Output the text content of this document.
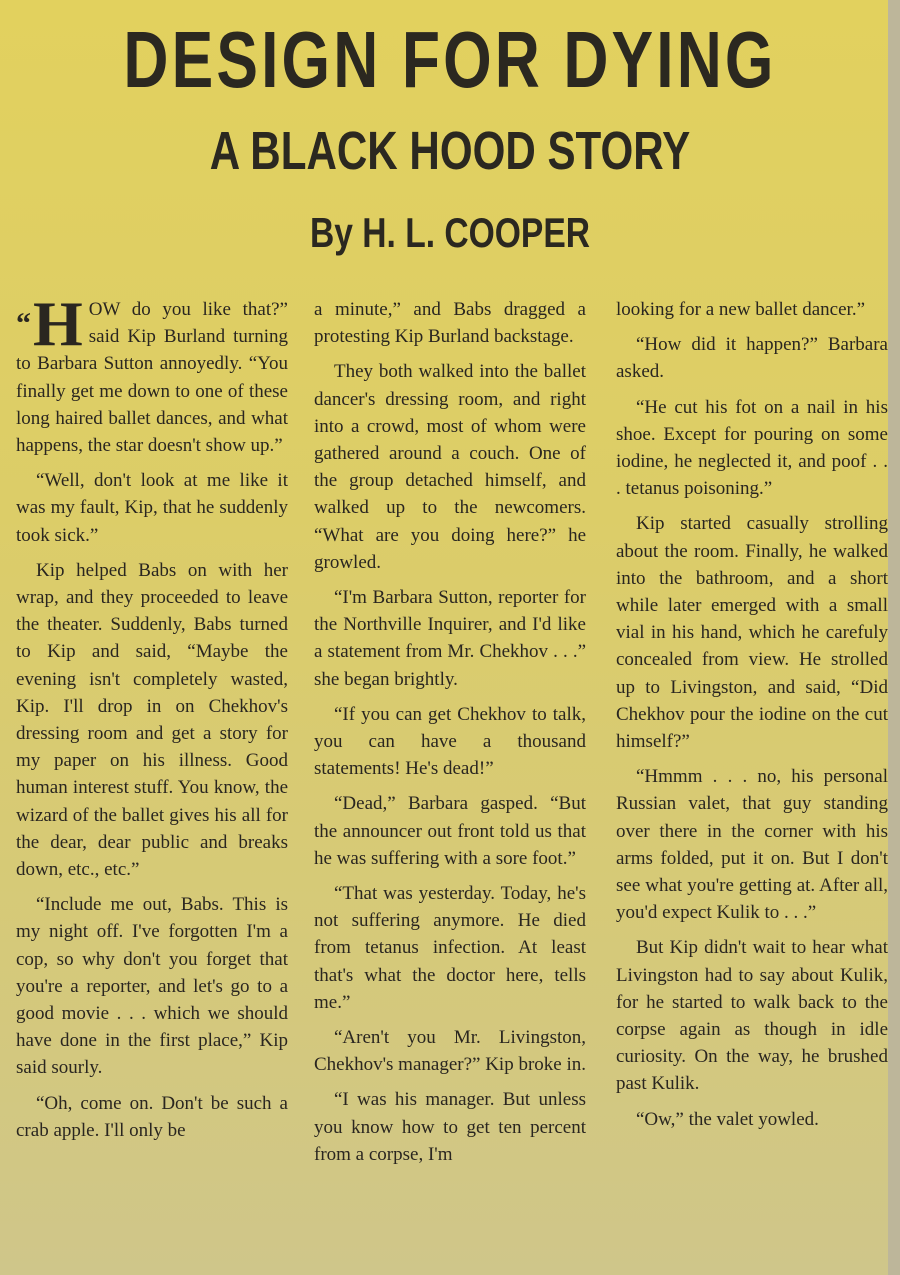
DESIGN FOR DYING
A BLACK HOOD STORY
By H. L. COOPER

“H OW do you like that?” said Kip Burland turning to Barbara Sutton annoyedly. “You finally get me down to one of these long haired ballet dances, and what happens, the star doesn't show up.”

“Well, don't look at me like it was my fault, Kip, that he suddenly took sick.”

Kip helped Babs on with her wrap, and they proceeded to leave the theater. Suddenly, Babs turned to Kip and said, “Maybe the evening isn't completely wasted, Kip. I'll drop in on Chekhov's dressing room and get a story for my paper on his illness. Good human interest stuff. You know, the wizard of the ballet gives his all for the dear, dear public and breaks down, etc., etc.”

“Include me out, Babs. This is my night off. I've forgotten I'm a cop, so why don't you forget that you're a reporter, and let's go to a good movie . . . which we should have done in the first place,” Kip said sourly.

“Oh, come on. Don't be such a crab apple. I'll only be

a minute,” and Babs dragged a protesting Kip Burland backstage.

They both walked into the ballet dancer's dressing room, and right into a crowd, most of whom were gathered around a couch. One of the group detached himself, and walked up to the newcomers. “What are you doing here?” he growled.

“I'm Barbara Sutton, reporter for the Northville Inquirer, and I'd like a statement from Mr. Chekhov . . .” she began brightly.

“If you can get Chekhov to talk, you can have a thousand statements! He's dead!”

“Dead,” Barbara gasped. “But the announcer out front told us that he was suffering with a sore foot.”

“That was yesterday. Today, he's not suffering anymore. He died from tetanus infection. At least that's what the doctor here, tells me.”

“Aren't you Mr. Livingston, Chekhov's manager?” Kip broke in.

“I was his manager. But unless you know how to get ten percent from a corpse, I'm

looking for a new ballet dancer.”

“How did it happen?” Barbara asked.

“He cut his fot on a nail in his shoe. Except for pouring on some iodine, he neglected it, and poof . . . tetanus poisoning.”

Kip started casually strolling about the room. Finally, he walked into the bathroom, and a short while later emerged with a small vial in his hand, which he carefuly concealed from view. He strolled up to Livingston, and said, “Did Chekhov pour the iodine on the cut himself?”

“Hmmm . . . no, his personal Russian valet, that guy standing over there in the corner with his arms folded, put it on. But I don't see what you're getting at. After all, you'd expect Kulik to . . .”

But Kip didn't wait to hear what Livingston had to say about Kulik, for he started to walk back to the corpse again as though in idle curiosity. On the way, he brushed past Kulik.

“Ow,” the valet yowled.
